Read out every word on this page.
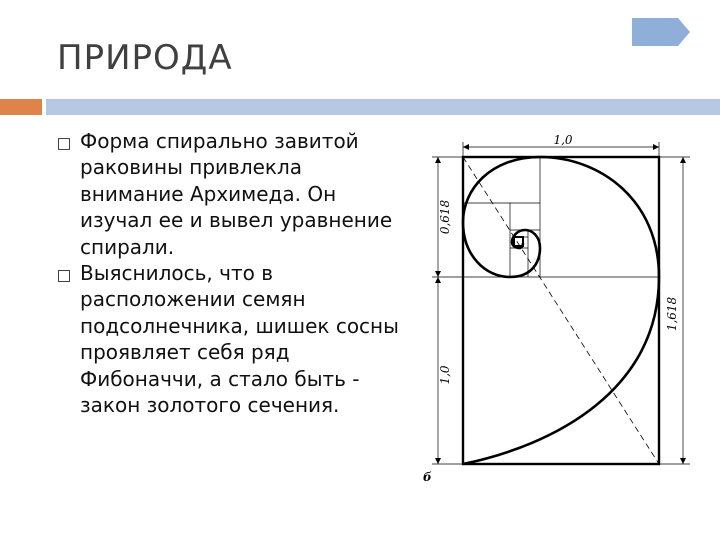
ПРИРОДА
Форма спирально завитой раковины привлекла внимание Архимеда. Он изучал ее и вывел уравнение спирали.
Выяснилось, что в расположении семян подсолнечника, шишек сосны проявляет себя ряд Фибоначчи, а стало быть - закон золотого сечения.
1,0
0,618
1,0
1,618
б
